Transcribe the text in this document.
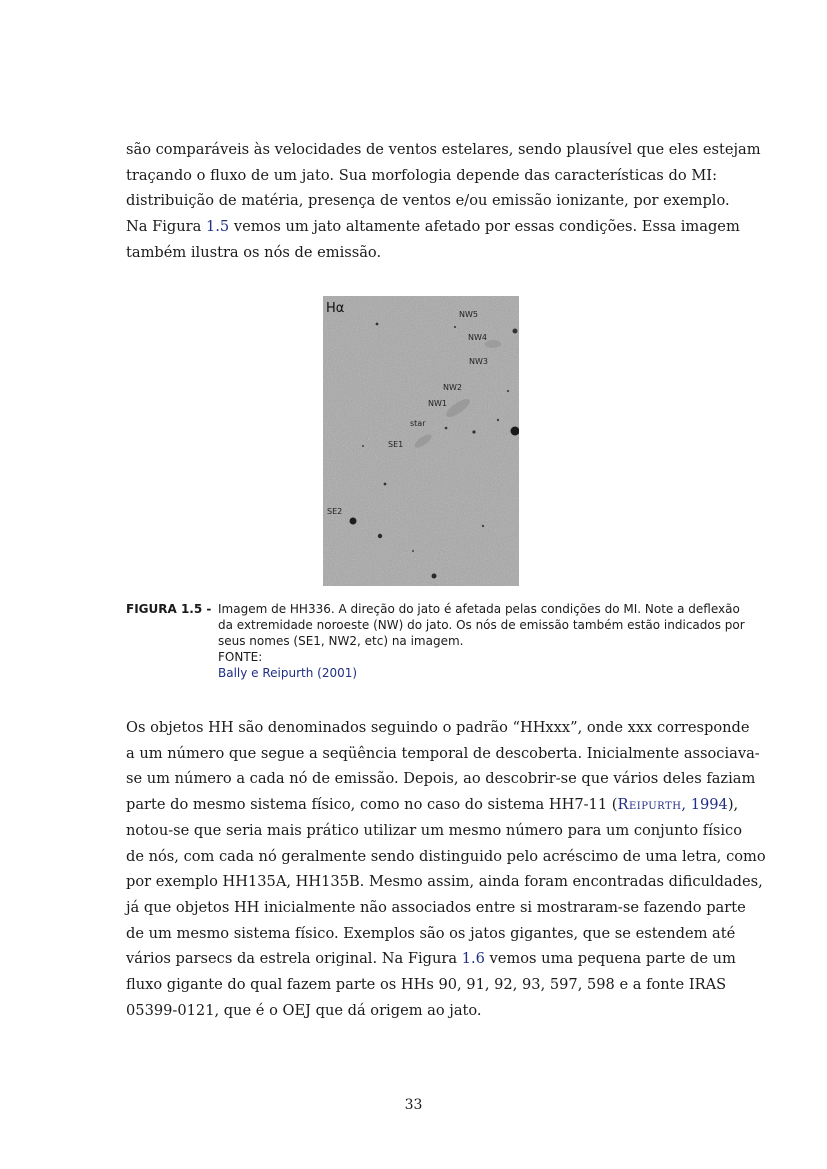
são comparáveis às velocidades de ventos estelares, sendo plausível que eles estejam
traçando o fluxo de um jato. Sua morfologia depende das características do MI:
distribuição de matéria, presença de ventos e/ou emissão ionizante, por exemplo.
Na Figura 1.5 vemos um jato altamente afetado por essas condições. Essa imagem
também ilustra os nós de emissão.
Hα	NW5
NW4
NW3
NW2
NW1
star
SE1
SE2
FIGURA 1.5 - Imagem de HH336. A direção do jato é afetada pelas condições do MI. Note a deflexão
da extremidade noroeste (NW) do jato. Os nós de emissão também estão indicados por
seus nomes (SE1, NW2, etc) na imagem.
FONTE:
Bally e Reipurth (2001)
Os objetos HH são denominados seguindo o padrão “HHxxx”, onde xxx corresponde
a um número que segue a seqüência temporal de descoberta. Inicialmente associava-
se um número a cada nó de emissão. Depois, ao descobrir-se que vários deles faziam
parte do mesmo sistema físico, como no caso do sistema HH7-11 (Reipurth, 1994),
notou-se que seria mais prático utilizar um mesmo número para um conjunto físico
de nós, com cada nó geralmente sendo distinguido pelo acréscimo de uma letra, como
por exemplo HH135A, HH135B. Mesmo assim, ainda foram encontradas dificuldades,
já que objetos HH inicialmente não associados entre si mostraram-se fazendo parte
de um mesmo sistema físico. Exemplos são os jatos gigantes, que se estendem até
vários parsecs da estrela original. Na Figura 1.6 vemos uma pequena parte de um
fluxo gigante do qual fazem parte os HHs 90, 91, 92, 93, 597, 598 e a fonte IRAS
05399-0121, que é o OEJ que dá origem ao jato.
33
